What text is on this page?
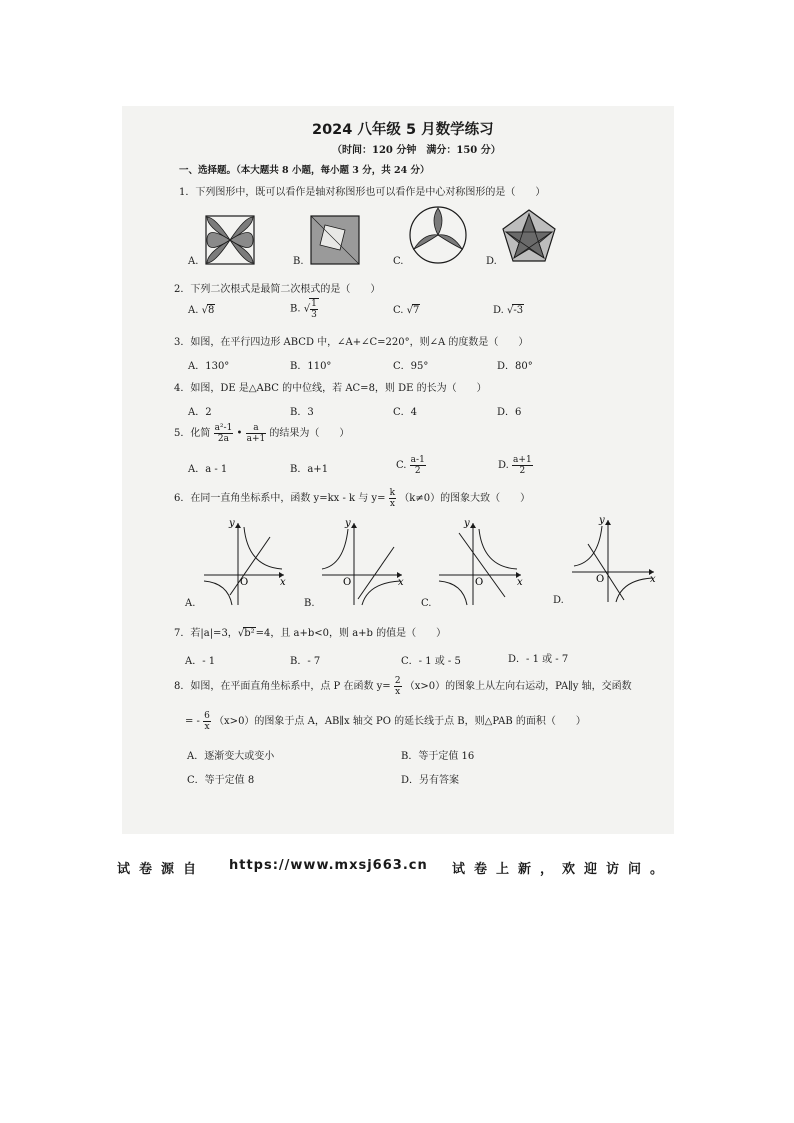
2024 八年级 5 月数学练习
（时间：120 分钟　满分：150 分）
一、选择题。（本大题共 8 小题，每小题 3 分，共 24 分）
1．下列图形中，既可以看作是轴对称图形也可以看作是中心对称图形的是（　　）
A.	B.	C.	D.
2．下列二次根式是最简二次根式的是（　　）
A. √8	B. √ $\frac{1}{3}$	C. √7	D. √-3
3．如图，在平行四边形 ABCD 中，∠A+∠C=220°，则∠A 的度数是（　　）
A．130°	B．110°	C．95°	D．80°
4．如图，DE 是△ABC 的中位线，若 AC=8，则 DE 的长为（　　）
A．2	B．3	C．4	D．6
5．化简 $\frac{\text{a²-1}}{2a}$ • $\frac{a}{a+1}$ 的结果为（　　）
A．a - 1	B．a+1	C. $\frac{a-1}{2}$	D. $\frac{a+1}{2}$
6．在同一直角坐标系中，函数 y=kx - k 与 $y= \frac{k}{x} (k\ne 0)$的图象大致（　　）
y
x
O
y
x
O
y
x
O
y
x
O
A.	B.	C.	D.
7．若|a|=3，√b²=4，且 a+b<0，则 a+b 的值是（　　）
A．- 1	B．- 7	C．- 1 或 - 5	D．- 1 或 - 7
8．如图，在平面直角坐标系中，点 P 在函数 $y= \frac{2}{x} (x>0)$的图象上从左向右运动，PA∥y 轴，交函数
= - $\frac{6}{x} (x>0)$的图象于点 A，AB∥x 轴交 PO 的延长线于点 B，则△PAB 的面积（　　）
A．逐渐变大或变小	B．等于定值 16
C．等于定值 8	D．另有答案
试卷源自 https://www.mxsj663.cn 试卷上新，欢迎访问。
